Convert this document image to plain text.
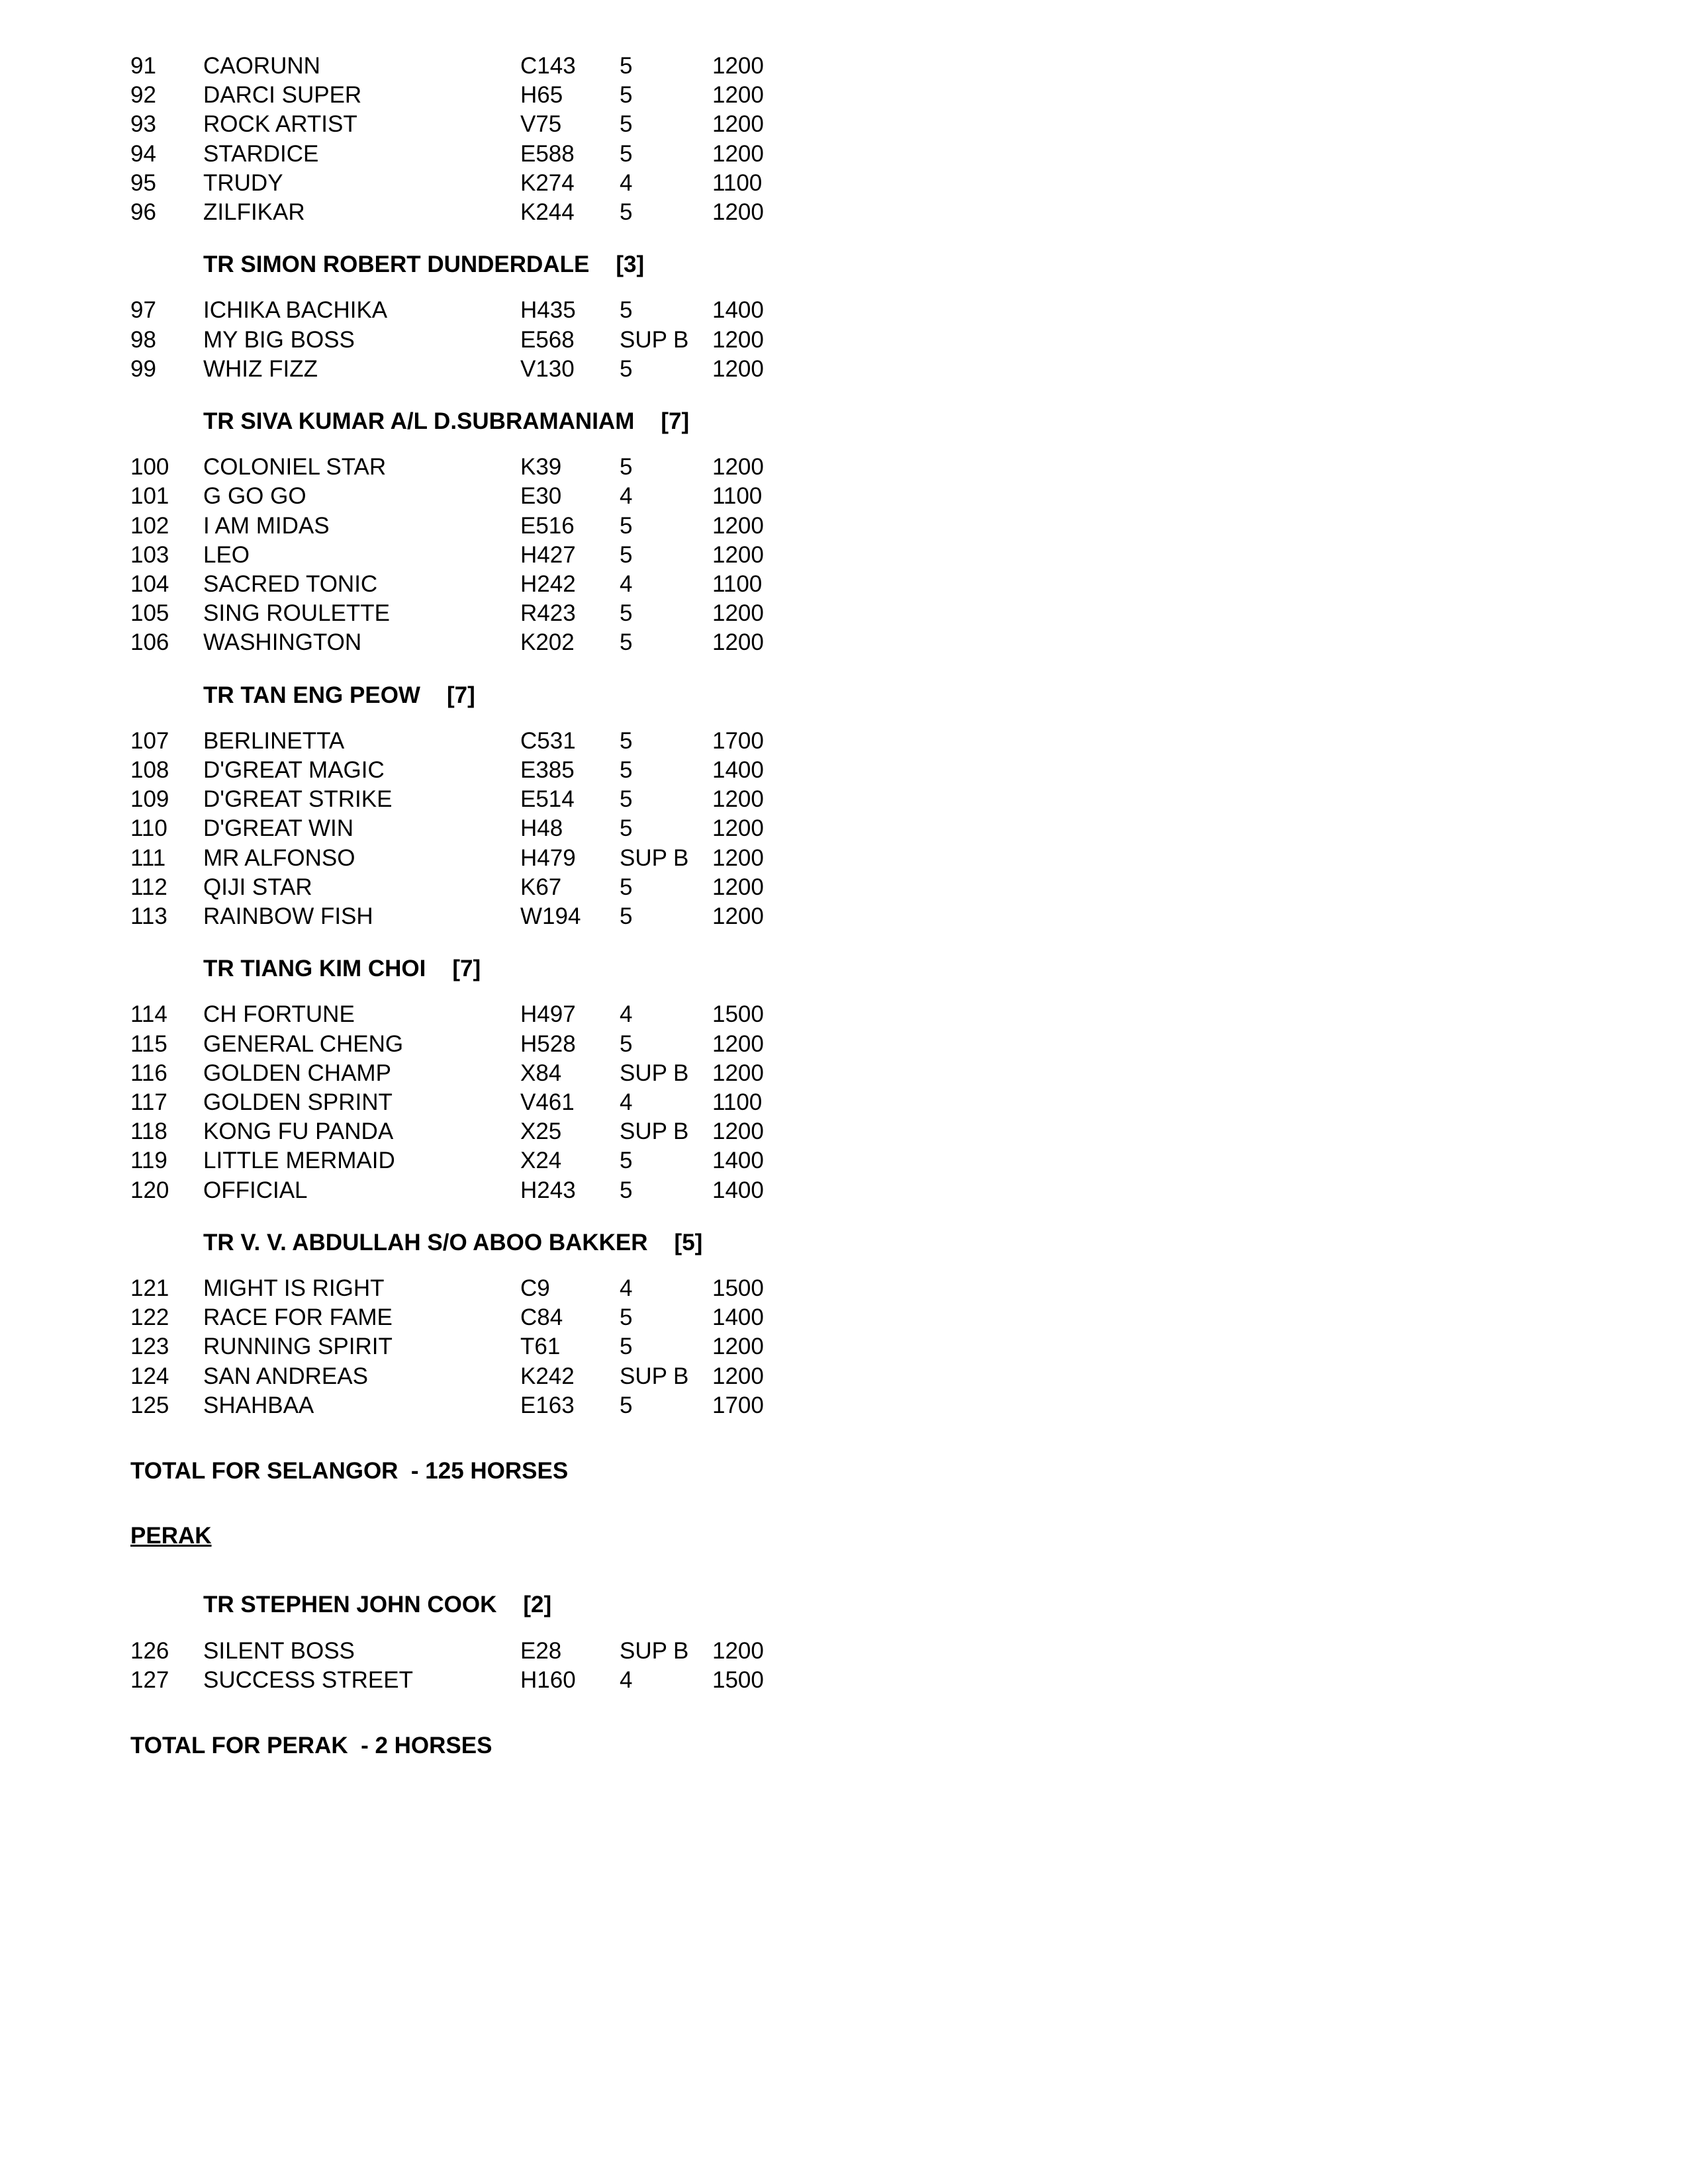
91 CAORUNN	C143 5	1200
92 DARCI SUPER	H65 5	1200
93 ROCK ARTIST	V75	5	1200
94 STARDICE	E588 5	1200
95 TRUDY	K274 4	1100
96 ZILFIKAR	K244 5	1200
TR SIMON ROBERT DUNDERDALE [3]
97 ICHIKA BACHIKA	H435 5	1400
98 MY BIG BOSS	E568 SUP B 1200
99 WHIZ FIZZ	V130 5	1200
TR SIVA KUMAR A/L D.SUBRAMANIAM [7]
100 COLONIEL STAR	K39	5	1200
101 G GO GO	E30	4	1100
102 I AM MIDAS	E516 5	1200
103 LEO	H427 5	1200
104 SACRED TONIC	H242 4	1100
105 SING ROULETTE	R423 5	1200
106 WASHINGTON	K202 5	1200
TR TAN ENG PEOW [7]
107 BERLINETTA	C531 5	1700
108 D'GREAT MAGIC	E385 5	1400
109 D'GREAT STRIKE	E514 5	1200
110 D'GREAT WIN	H48 5	1200
111 MR ALFONSO	H479 SUP B 1200
112 QIJI STAR	K67	5	1200
113 RAINBOW FISH	W194 5	1200
TR TIANG KIM CHOI [7]
114 CH FORTUNE	H497 4	1500
115 GENERAL CHENG	H528 5	1200
116 GOLDEN CHAMP	X84	SUP B 1200
117 GOLDEN SPRINT	V461 4	1100
118 KONG FU PANDA	X25	SUP B 1200
119 LITTLE MERMAID	X24	5	1400
120 OFFICIAL	H243 5	1400
TR V. V. ABDULLAH S/O ABOO BAKKER [5]
121 MIGHT IS RIGHT	C9	4	1500
122 RACE FOR FAME	C84 5	1400
123 RUNNING SPIRIT	T61	5	1200
124 SAN ANDREAS	K242 SUP B 1200
125 SHAHBAA	E163 5	1700
TOTAL FOR SELANGOR  - 125 HORSES
PERAK
TR STEPHEN JOHN COOK [2]
126 SILENT BOSS	E28	SUP B 1200
127 SUCCESS STREET	H160 4	1500
TOTAL FOR PERAK  - 2 HORSES
